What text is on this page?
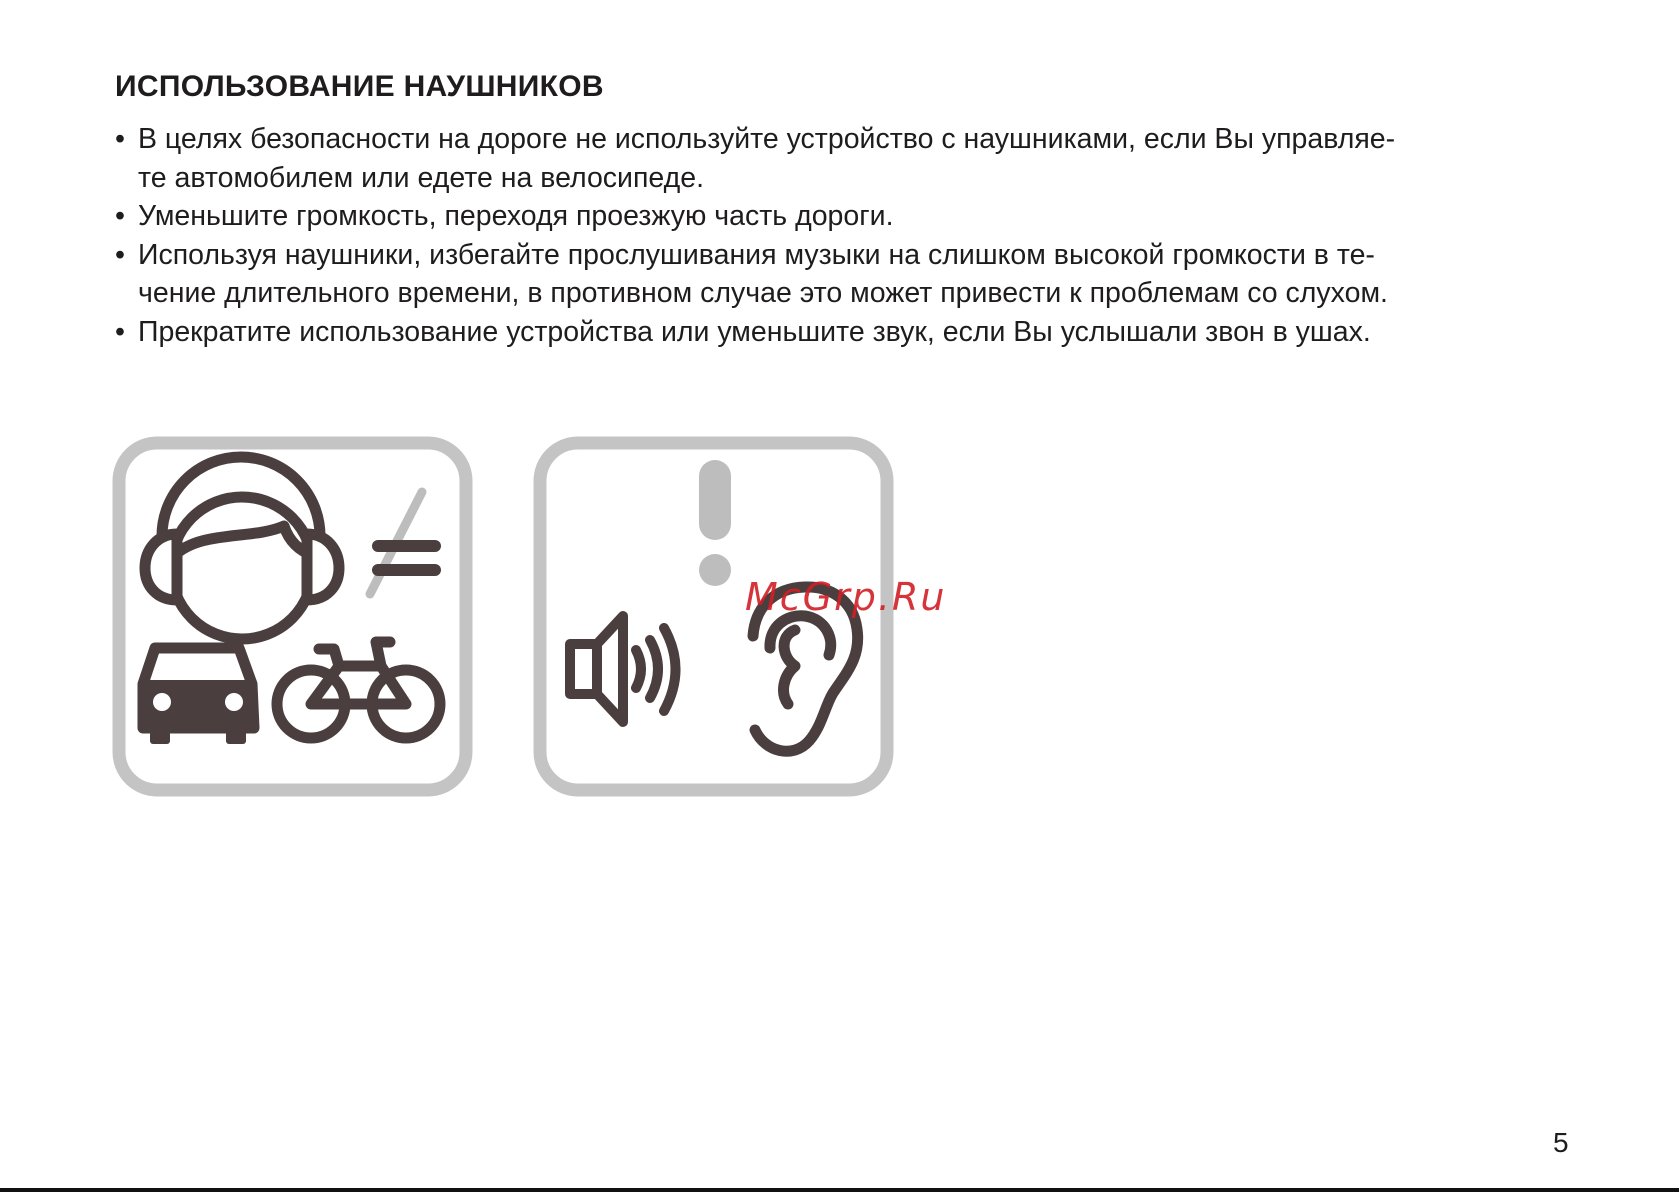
ИСПОЛЬЗОВАНИЕ НАУШНИКОВ
• В целях безопасности на дороге не используйте устройство с наушниками, если Вы управляе-
те автомобилем или едете на велосипеде.
• Уменьшите громкость, переходя проезжую часть дороги.
• Используя наушники, избегайте прослушивания музыки на слишком высокой громкости в те-
чение длительного времени, в противном случае это может привести к проблемам со слухом.
• Прекратите использование устройства или уменьшите звук, если Вы услышали звон в ушах.
McGrp.Ru
5
